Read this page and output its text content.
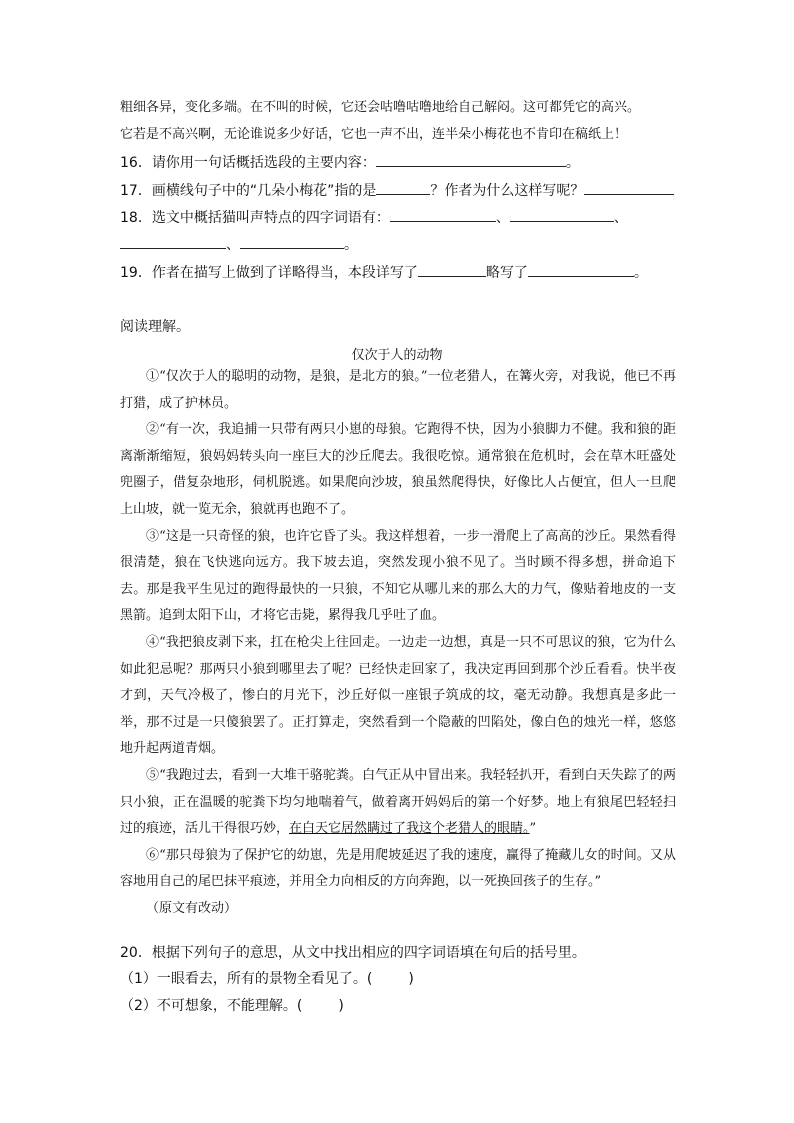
粗细各异，变化多端。在不叫的时候，它还会咕噜咕噜地给自己解闷。这可都凭它的高兴。
它若是不高兴啊，无论谁说多少好话，它也一声不出，连半朵小梅花也不肯印在稿纸上！
16．请你用一句话概括选段的主要内容：	。
17．画横线句子中的“几朵小梅花”指的是	？作者为什么这样写呢？
18．选文中概括猫叫声特点的四字词语有：	、	、
、	。
19．作者在描写上做到了详略得当，本段详写了	略写了	。
阅读理解。
仅次于人的动物

①“仅次于人的聪明的动物，是狼，是北方的狼。”一位老猎人，在篝火旁，对我说，他已不再打猎，成了护林员。

②“有一次，我追捕一只带有两只小崽的母狼。它跑得不快，因为小狼脚力不健。我和狼的距离渐渐缩短，狼妈妈转头向一座巨大的沙丘爬去。我很吃惊。通常狼在危机时，会在草木旺盛处兜圈子，借复杂地形，伺机脱逃。如果爬向沙坡，狼虽然爬得快，好像比人占便宜，但人一旦爬上山坡，就一览无余，狼就再也跑不了。

③“这是一只奇怪的狼，也许它昏了头。我这样想着，一步一滑爬上了高高的沙丘。果然看得很清楚，狼在飞快逃向远方。我下坡去追，突然发现小狼不见了。当时顾不得多想，拼命追下去。那是我平生见过的跑得最快的一只狼，不知它从哪儿来的那么大的力气，像贴着地皮的一支黑箭。追到太阳下山，才将它击毙，累得我几乎吐了血。

④“我把狼皮剥下来，扛在枪尖上往回走。一边走一边想，真是一只不可思议的狼，它为什么如此犯忌呢？那两只小狼到哪里去了呢？已经快走回家了，我决定再回到那个沙丘看看。快半夜才到，天气冷极了，惨白的月光下，沙丘好似一座银子筑成的坟，毫无动静。我想真是多此一举，那不过是一只傻狼罢了。正打算走，突然看到一个隐蔽的凹陷处，像白色的烛光一样，悠悠地升起两道青烟。

⑤“我跑过去，看到一大堆干骆驼粪。白气正从中冒出来。我轻轻扒开，看到白天失踪了的两只小狼，正在温暖的驼粪下均匀地喘着气，做着离开妈妈后的第一个好梦。地上有狼尾巴轻轻扫过的痕迹，活儿干得很巧妙，在白天它居然瞒过了我这个老猎人的眼睛。”

⑥“那只母狼为了保护它的幼崽，先是用爬坡延迟了我的速度，赢得了掩藏儿女的时间。又从容地用自己的尾巴抹平痕迹，并用全力向相反的方向奔跑，以一死换回孩子的生存。”

（原文有改动）

20．根据下列句子的意思，从文中找出相应的四字词语填在句后的括号里。
（1）一眼看去，所有的景物全看见了。(	)
（2）不可想象，不能理解。(	)
